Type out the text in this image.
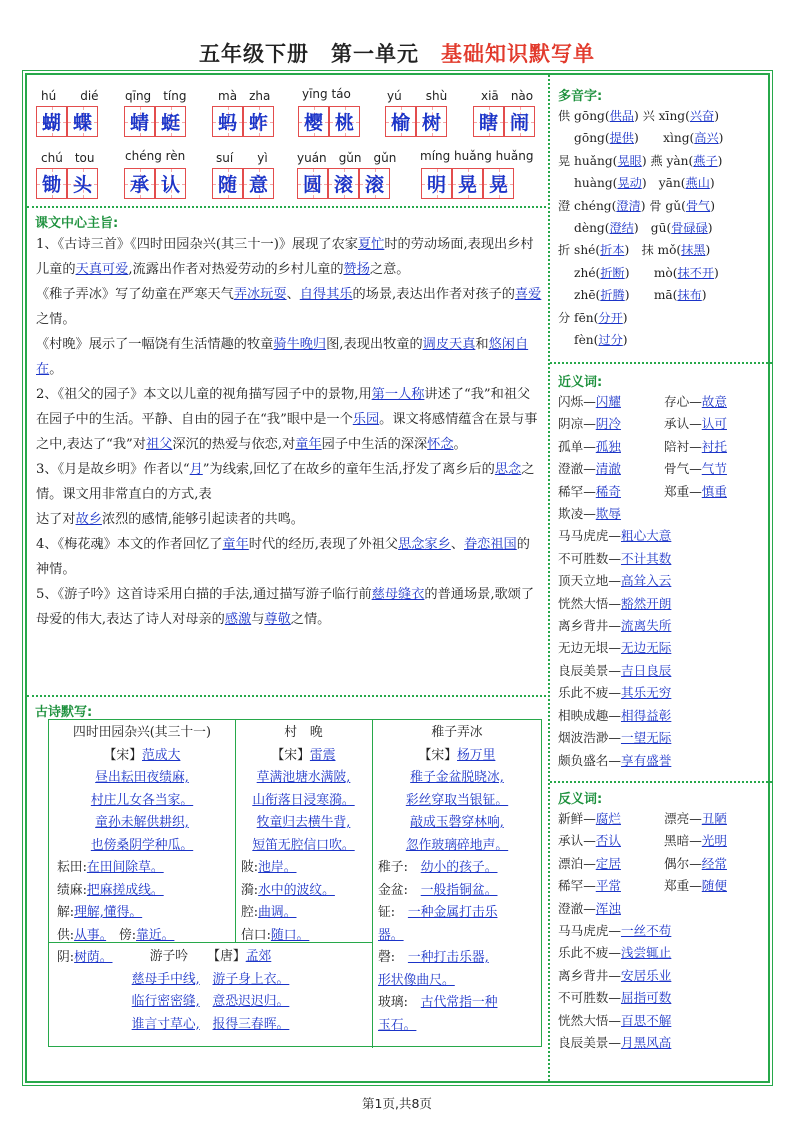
五年级下册　 第一单元　 基础知识默写单
hú　　 dié
蝴 蝶
qīng　 tíng
蜻 蜓
mà　 zha
蚂 蚱
yīng táo
樱 桃
yú　　 shù
榆 树
xiā　 nào
瞎 闹
chú　 tou
锄 头
chéng rèn
承 认
suí　　 yì
随 意
yuán　 gǔn　 gǔn
圆 滚 滚
míng huǎng huǎng
明 晃 晃
课文中心主旨:
1、《古诗三首》《四时田园杂兴(其三十一)》展现了农家夏忙时的劳动场面,表现出乡村儿童的天真可爱,流露出作者对热爱劳动的乡村儿童的赞扬之意。
《稚子弄冰》写了幼童在严寒天气弄冰玩耍、自得其乐的场景,表达出作者对孩子的喜爱之情。
《村晚》展示了一幅饶有生活情趣的牧童骑牛晚归图,表现出牧童的调皮天真和悠闲自在。
2、《祖父的园子》本文以儿童的视角描写园子中的景物,用第一人称讲述了“我”和祖父在园子中的生活。平静、自由的园子在“我”眼中是一个乐园。课文将感情蕴含在景与事之中,表达了“我”对祖父深沉的热爱与依恋,对童年园子中生活的深深怀念。
3、《月是故乡明》作者以“月”为线索,回忆了在故乡的童年生活,抒发了离乡后的思念之情。课文用非常直白的方式,表
达了对故乡浓烈的感情,能够引起读者的共鸣。
4、《梅花魂》本文的作者回忆了童年时代的经历,表现了外祖父思念家乡、眷恋祖国的神情。
5、《游子吟》这首诗采用白描的手法,通过描写游子临行前慈母缝衣的普通场景,歌颂了母爱的伟大,表达了诗人对母亲的感激与尊敬之情。
古诗默写:
四时田园杂兴(其三十一)
【宋】范成大
昼出耘田夜绩麻,
村庄儿女各当家。
童孙未解供耕织,
也傍桑阴学种瓜。
耘田:在田间除草。
绩麻:把麻搓成线。
解:理解,懂得。
供:从事。　 傍:靠近。
阴:树荫。
村　晚
【宋】雷震
草满池塘水满陂,
山衔落日浸寒漪。
牧童归去横牛背,
短笛无腔信口吹。
陂:池岸。
漪:水中的波纹。
腔:曲调。
信口:随口。
稚子弄冰
【宋】杨万里
稚子金盆脱晓冰,
彩丝穿取当银钲。
敲成玉磬穿林响,
忽作玻璃碎地声。
稚子:　 幼小的孩子。
金盆:　 一般指铜盆。
钲:　 一种金属打击乐
器。
磬:　 一种打击乐器,
形状像曲尺。
玻璃:　 古代常指一种
玉石。
游子吟　　 【唐】孟郊
慈母手中线,　 游子身上衣。
临行密密缝,　 意恐迟迟归。
谁言寸草心,　 报得三春晖。
多音字:
供 gōng(供品) 兴 xīng(兴奋)
　 gōng(提供)　　xìng(高兴)
晃 huǎng(晃眼) 燕 yàn(燕子)
　 huàng(晃动)　yān(燕山)
澄 chéng(澄清) 骨 gǔ(骨气)
　 dèng(澄结)　gū(骨碌碌)
折 shé(折本)　抹 mǒ(抹黑)
　 zhé(折断)　　mò(抹不开)
　 zhē(折腾)　　mā(抹布)
分 fēn(分开)
　 fèn(过分)
近义词:
闪烁—闪耀	存心—故意
阴凉—阴冷	承认—认可
孤单—孤独	陪衬—衬托
澄澈—清澈	骨气—气节
稀罕—稀奇	郑重—慎重
欺凌—欺辱
马马虎虎—粗心大意
不可胜数—不计其数
顶天立地—高耸入云
恍然大悟—豁然开朗
离乡背井—流离失所
无边无垠—无边无际
良辰美景—吉日良辰
乐此不疲—其乐无穷
相映成趣—相得益彰
烟波浩渺—一望无际
颇负盛名—享有盛誉
反义词:
新鲜—腐烂	漂亮—丑陋
承认—否认	黑暗—光明
漂泊—定居	偶尔—经常
稀罕—平常	郑重—随便
澄澈—浑浊
马马虎虎—一丝不苟
乐此不疲—浅尝辄止
离乡背井—安居乐业
不可胜数—屈指可数
恍然大悟—百思不解
良辰美景—月黑风高
第1页,共8页
